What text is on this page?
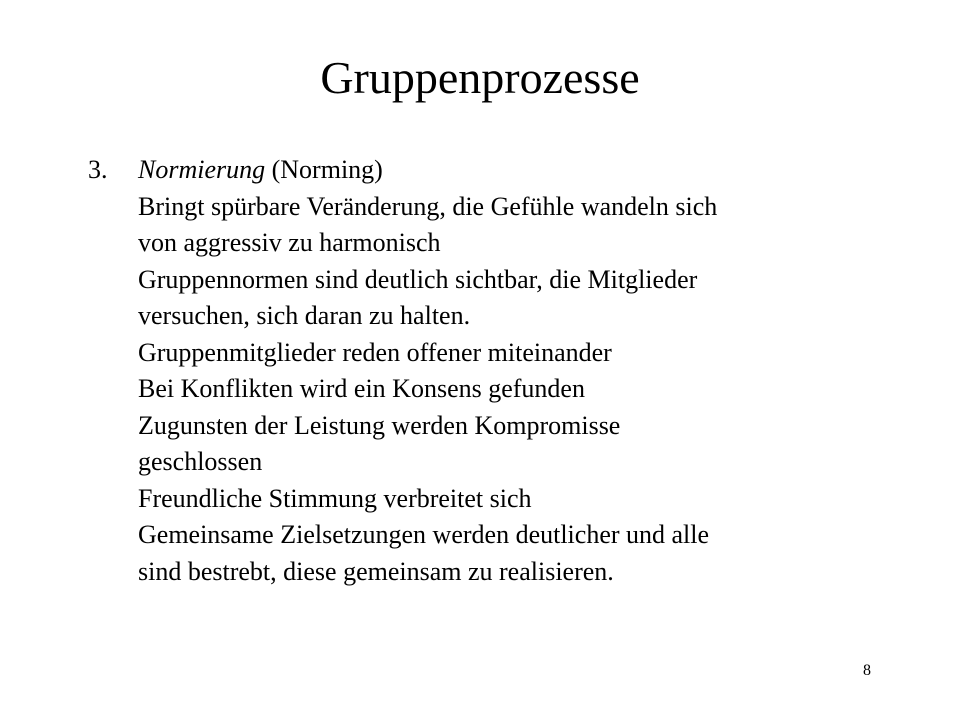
Gruppenprozesse
3. Normierung (Norming)
Bringt spürbare Veränderung, die Gefühle wandeln sich
von aggressiv zu harmonisch
Gruppennormen sind deutlich sichtbar, die Mitglieder
versuchen, sich daran zu halten.
Gruppenmitglieder reden offener miteinander
Bei Konflikten wird ein Konsens gefunden
Zugunsten der Leistung werden Kompromisse
geschlossen
Freundliche Stimmung verbreitet sich
Gemeinsame Zielsetzungen werden deutlicher und alle
sind bestrebt, diese gemeinsam zu realisieren.
8
